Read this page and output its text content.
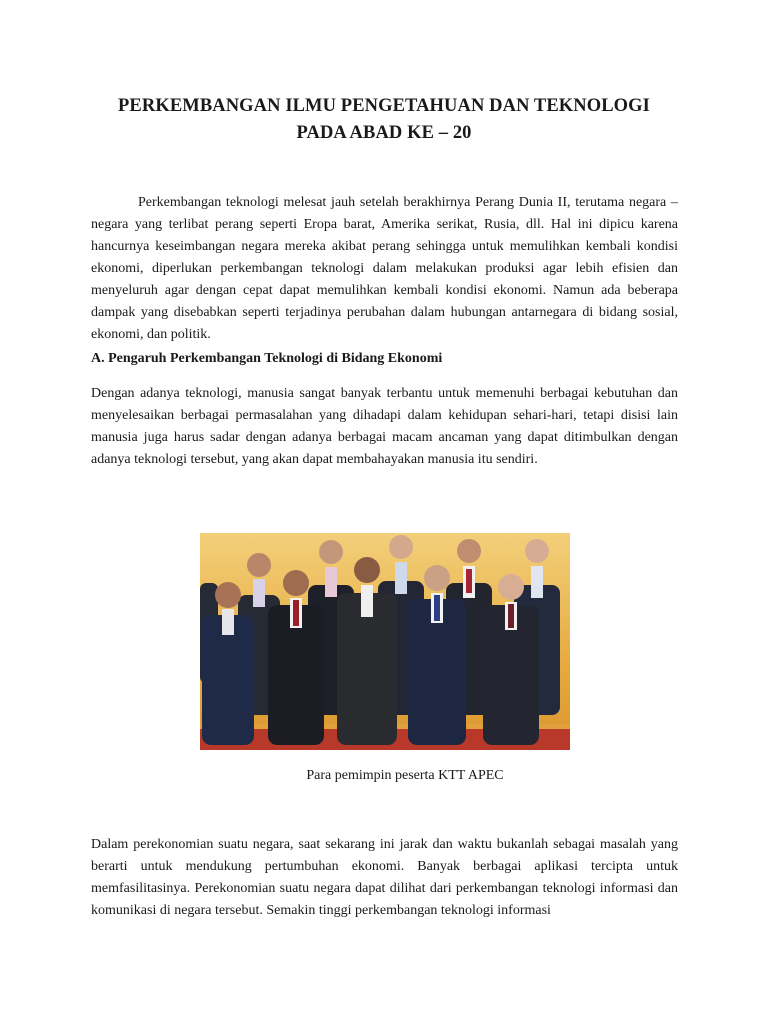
PERKEMBANGAN ILMU PENGETAHUAN DAN TEKNOLOGI
PADA ABAD KE – 20
Perkembangan teknologi melesat jauh setelah berakhirnya Perang Dunia II, terutama negara – negara yang terlibat perang seperti Eropa barat, Amerika serikat, Rusia, dll. Hal ini dipicu karena hancurnya keseimbangan negara mereka akibat perang sehingga untuk memulihkan kembali kondisi ekonomi, diperlukan perkembangan teknologi dalam melakukan produksi agar lebih efisien dan menyeluruh agar dengan cepat dapat memulihkan kembali kondisi ekonomi. Namun ada beberapa dampak yang disebabkan seperti terjadinya perubahan dalam hubungan antarnegara di bidang sosial, ekonomi, dan politik.
A. Pengaruh Perkembangan Teknologi di Bidang Ekonomi
Dengan adanya teknologi, manusia sangat banyak terbantu untuk memenuhi berbagai kebutuhan dan menyelesaikan berbagai permasalahan yang dihadapi dalam kehidupan sehari-hari, tetapi disisi lain manusia juga harus sadar dengan adanya berbagai macam ancaman yang dapat ditimbulkan dengan adanya teknologi tersebut, yang akan dapat membahayakan manusia itu sendiri.
Para pemimpin peserta KTT APEC
Dalam perekonomian suatu negara, saat sekarang ini jarak dan waktu bukanlah sebagai masalah yang berarti untuk mendukung pertumbuhan ekonomi. Banyak berbagai aplikasi tercipta untuk memfasilitasinya. Perekonomian suatu negara dapat dilihat dari perkembangan teknologi informasi dan komunikasi di negara tersebut. Semakin tinggi perkembangan teknologi informasi
